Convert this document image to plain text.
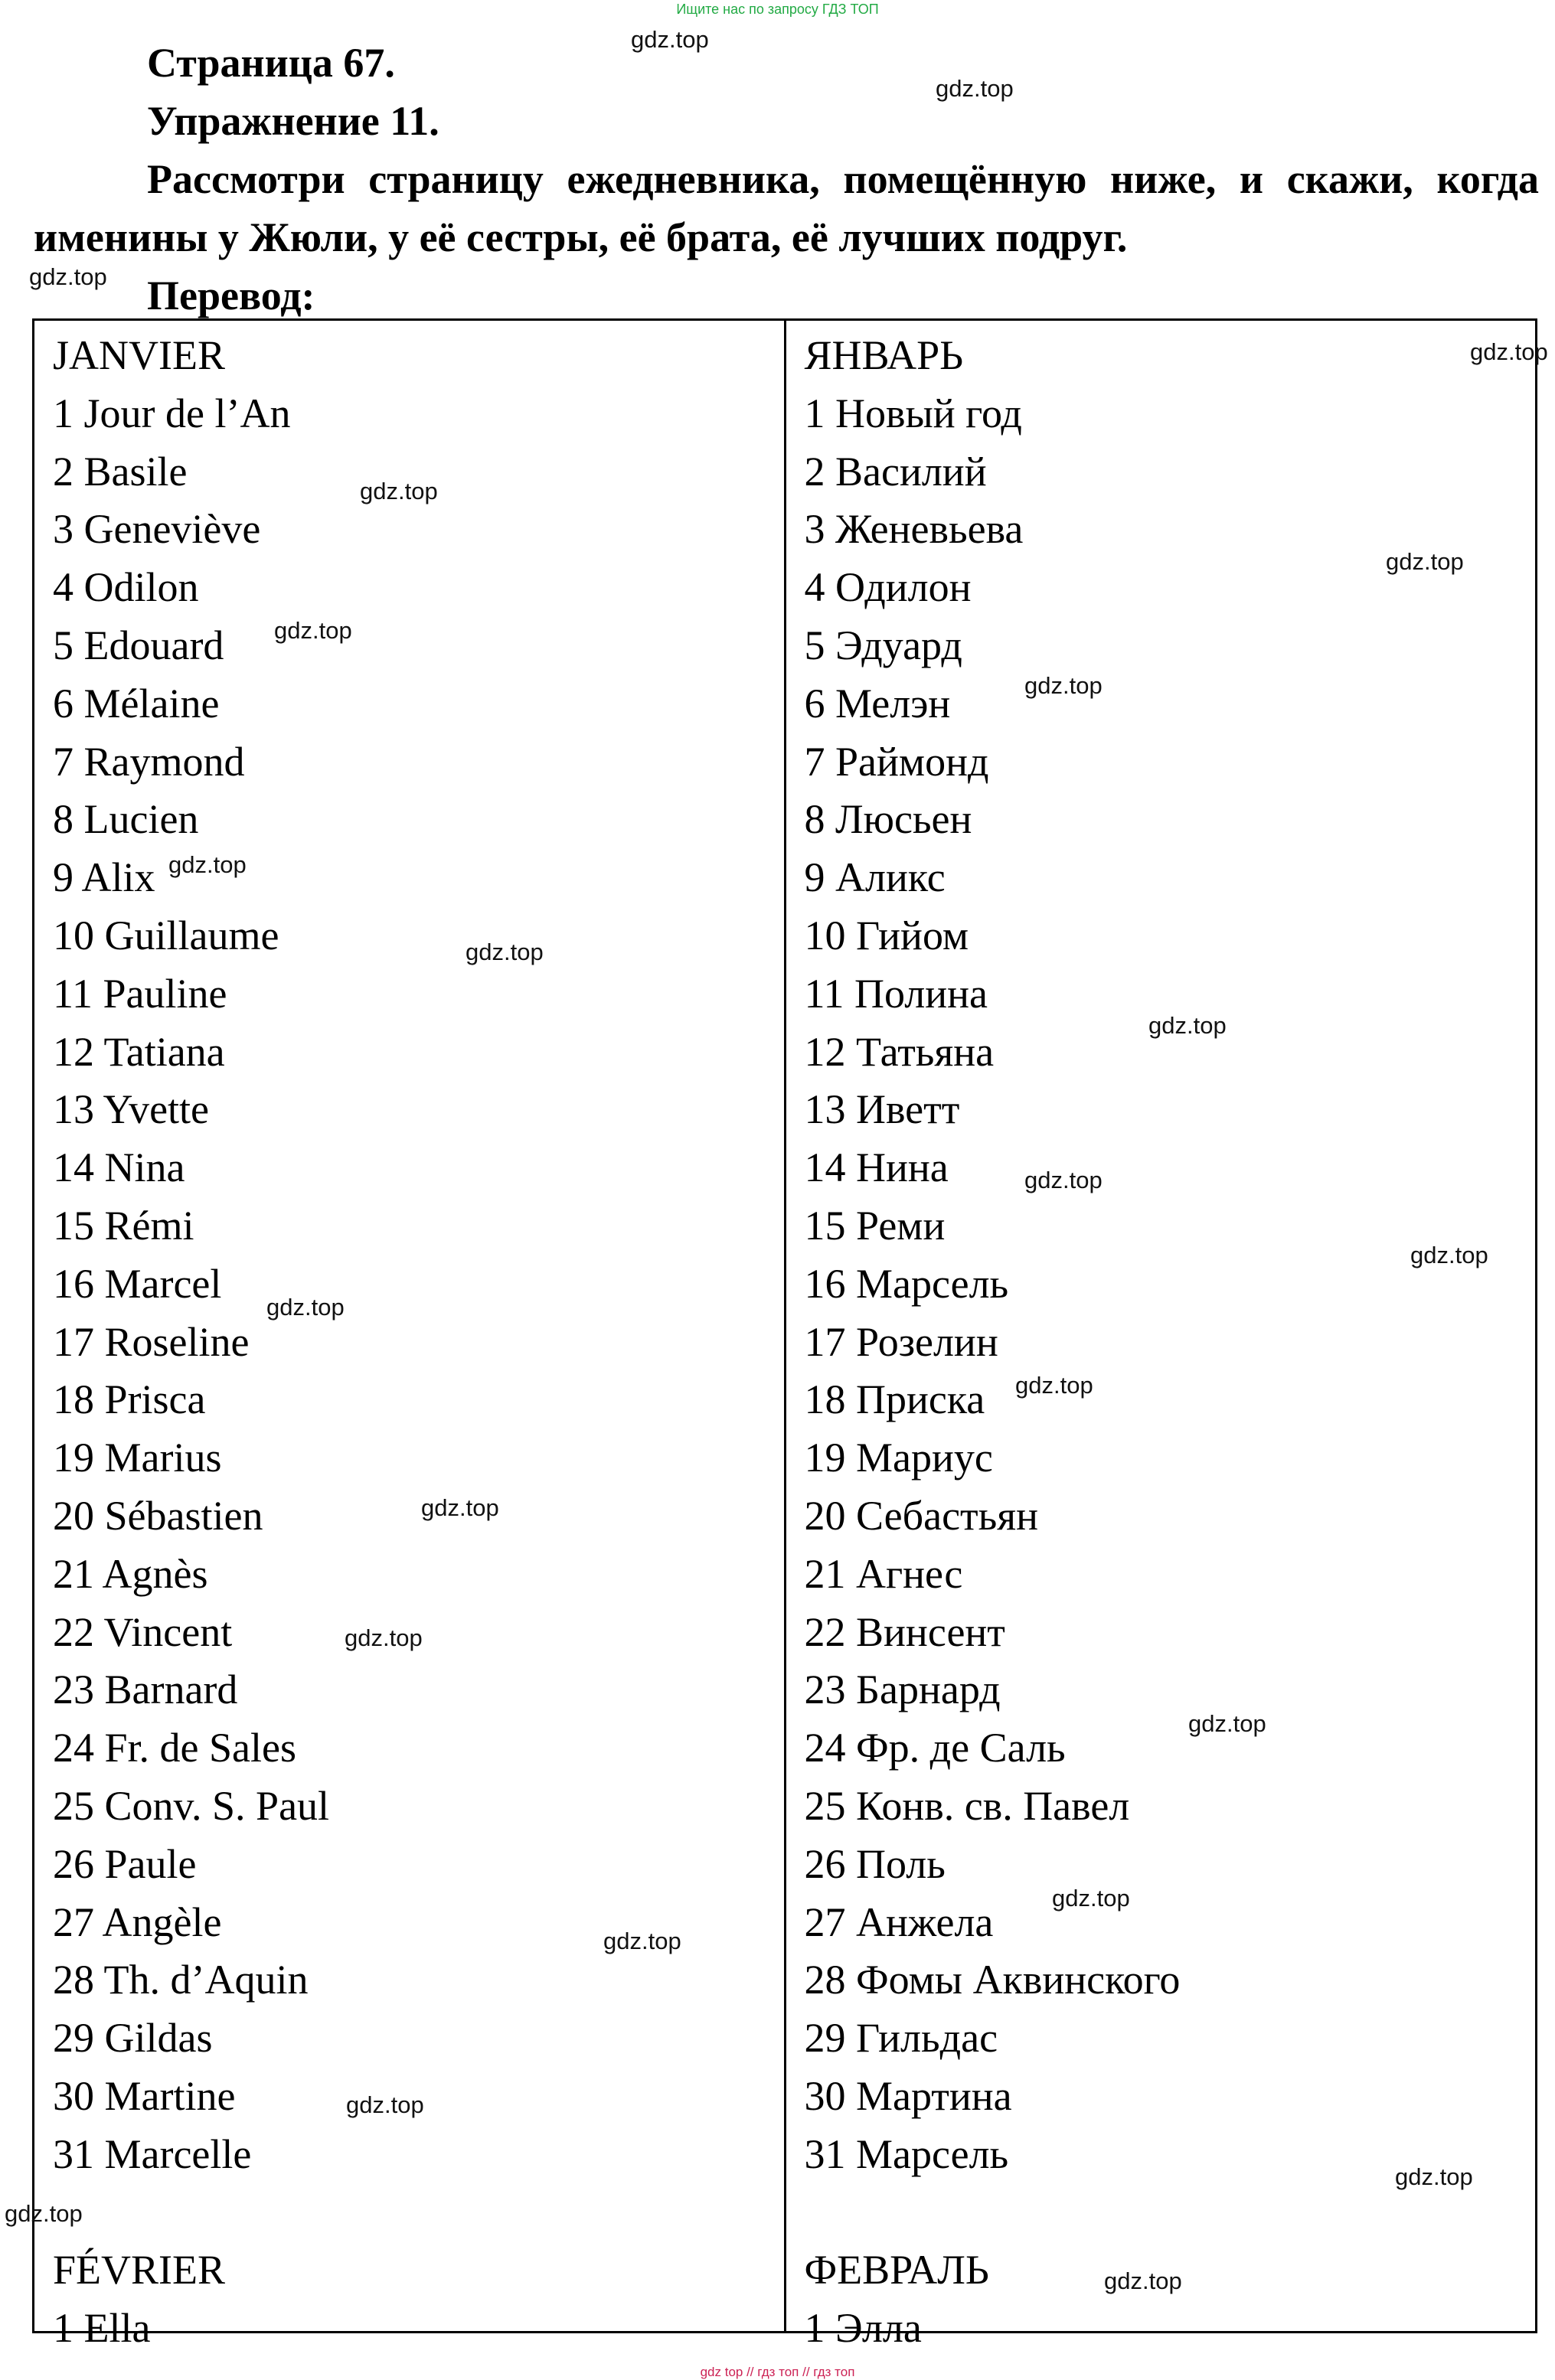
Ищите нас по запросу ГДЗ ТОП
Страница 67.
Упражнение 11.
Рассмотри страницу ежедневника, помещённую ниже, и скажи, когда именины у Жюли, у её сестры, её брата, её лучших подруг.
Перевод:
JANVIER
1 Jour de l’An
2 Basile
3 Geneviève
4 Odilon
5 Edouard
6 Mélaine
7 Raymond
8 Lucien
9 Alix
10 Guillaume
11 Pauline
12 Tatiana
13 Yvette
14 Nina
15 Rémi
16 Marcel
17 Roseline
18 Prisca
19 Marius
20 Sébastien
21 Agnès
22 Vincent
23 Barnard
24 Fr. de Sales
25 Conv. S. Paul
26 Paule
27 Angèle
28 Th. d’Aquin
29 Gildas
30 Martine
31 Marcelle
FÉVRIER
1 Ella
ЯНВАРЬ
1 Новый год
2 Василий
3 Женевьева
4 Одилон
5 Эдуард
6 Мелэн
7 Раймонд
8 Люсьен
9 Аликс
10 Гийом
11 Полина
12 Татьяна
13 Иветт
14 Нина
15 Реми
16 Марсель
17 Розелин
18 Приска
19 Мариус
20 Себастьян
21 Агнес
22 Винсент
23 Барнард
24 Фр. де Саль
25 Конв. св. Павел
26 Поль
27 Анжела
28 Фомы Аквинского
29 Гильдас
30 Мартина
31 Марсель
ФЕВРАЛЬ
1 Элла
gdz.top
gdz.top
gdz.top
gdz.top
gdz.top
gdz.top
gdz.top
gdz.top
gdz.top
gdz.top
gdz.top
gdz.top
gdz.top
gdz.top
gdz.top
gdz.top
gdz.top
gdz.top
gdz.top
gdz.top
gdz.top
gdz.top
gdz.top
gdz.top
gdz top // гдз топ // гдз топ
